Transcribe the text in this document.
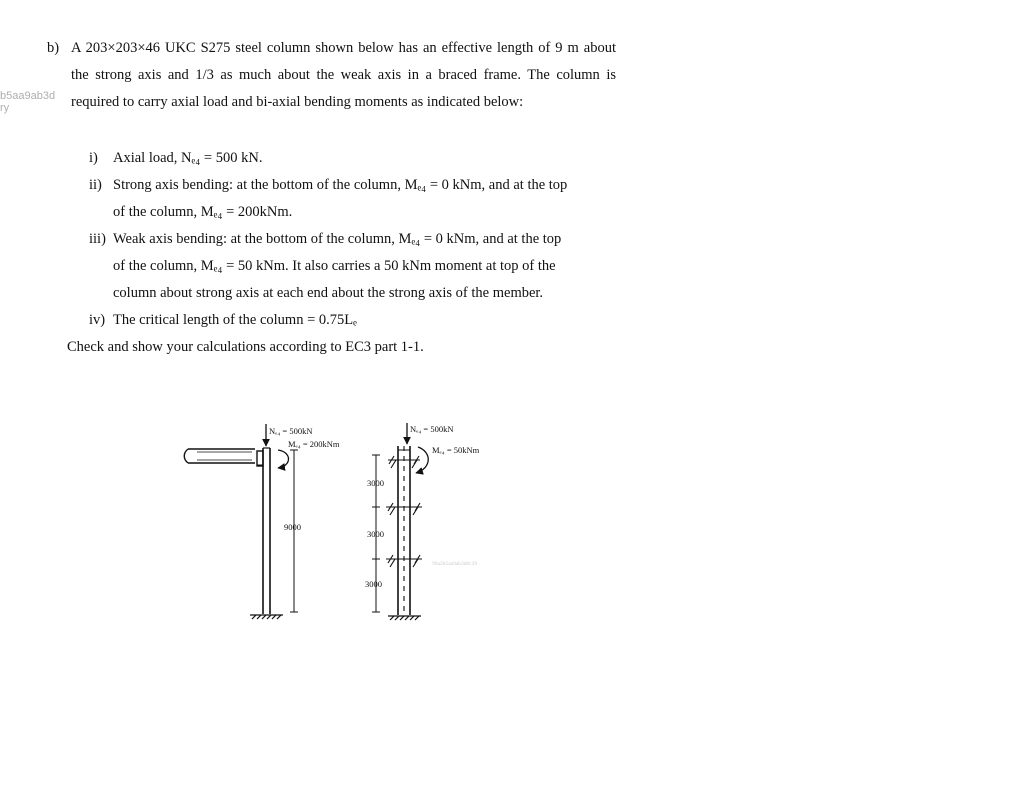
b5aa9ab3d
ry
b) A 203×203×46 UKC S275 steel column shown below has an effective length of 9 m about the strong axis and 1/3 as much about the weak axis in a braced frame. The column is required to carry axial load and bi-axial bending moments as indicated below:
i) Axial load, Nₑ₄ = 500 kN.
ii) Strong axis bending: at the bottom of the column, Mₑ₄ = 0 kNm, and at the top
of the column, Mₑ₄ = 200kNm.
iii) Weak axis bending: at the bottom of the column, Mₑ₄ = 0 kNm, and at the top
of the column, Mₑ₄ = 50 kNm. It also carries a 50 kNm moment at top of the
column about strong axis at each end about the strong axis of the member.
iv) The critical length of the column = 0.75Lₑ
Check and show your calculations according to EC3 part 1-1.
Nₑ₄ = 500kN
Mₑ₄ = 200kNm
9000
Nₑ₄ = 500kN
Mₑ₄ = 50kNm
3000
3000
3000
90a2b5aa9ab3d0c29
